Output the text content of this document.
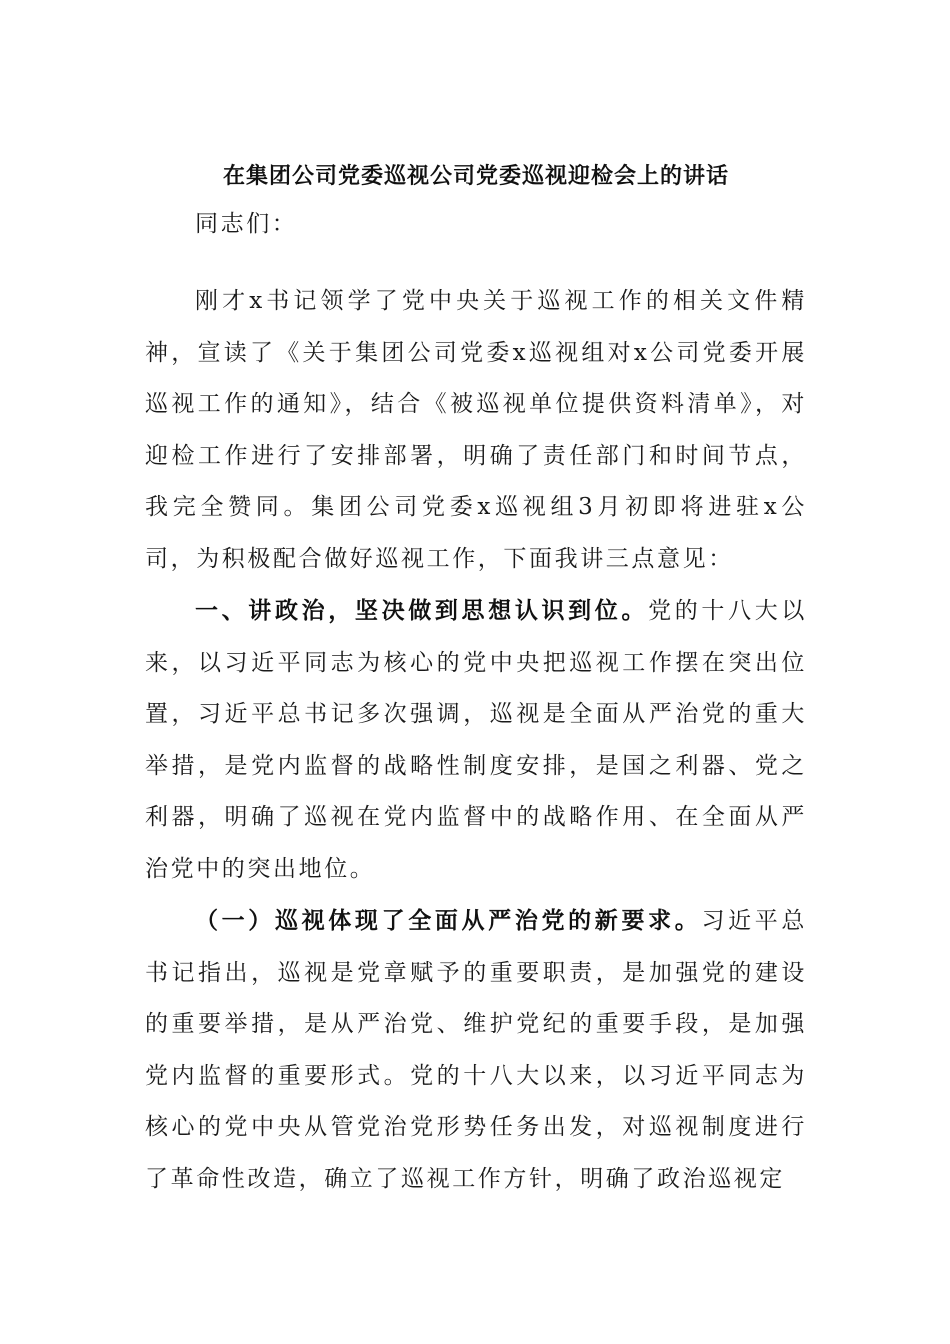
在集团公司党委巡视公司党委巡视迎检会上的讲话
同志们：
刚才x书记领学了党中央关于巡视工作的相关文件精神，宣读了《关于集团公司党委x巡视组对x公司党委开展巡视工作的通知》，结合《被巡视单位提供资料清单》，对迎检工作进行了安排部署，明确了责任部门和时间节点，我完全赞同。集团公司党委x巡视组3月初即将进驻x公司，为积极配合做好巡视工作，下面我讲三点意见：
一、讲政治，坚决做到思想认识到位。党的十八大以来，以习近平同志为核心的党中央把巡视工作摆在突出位置，习近平总书记多次强调，巡视是全面从严治党的重大举措，是党内监督的战略性制度安排，是国之利器、党之利器，明确了巡视在党内监督中的战略作用、在全面从严治党中的突出地位。
（一）巡视体现了全面从严治党的新要求。习近平总书记指出，巡视是党章赋予的重要职责，是加强党的建设的重要举措，是从严治党、维护党纪的重要手段，是加强党内监督的重要形式。党的十八大以来，以习近平同志为核心的党中央从管党治党形势任务出发，对巡视制度进行了革命性改造，确立了巡视工作方针，明确了政治巡视定
